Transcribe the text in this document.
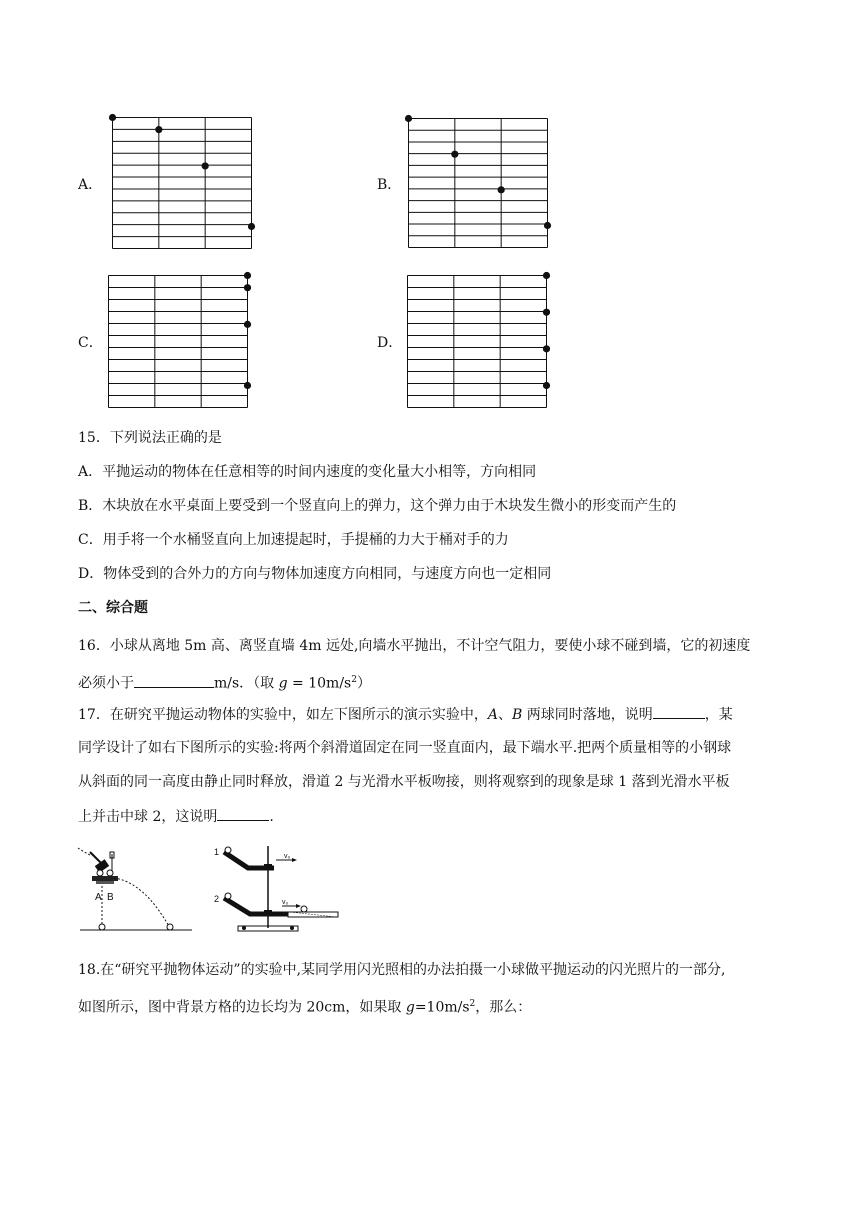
A．	B．
C．	D．
15．下列说法正确的是
A．平抛运动的物体在任意相等的时间内速度的变化量大小相等，方向相同
B．木块放在水平桌面上要受到一个竖直向上的弹力，这个弹力由于木块发生微小的形变而产生的
C．用手将一个水桶竖直向上加速提起时，手提桶的力大于桶对手的力
D．物体受到的合外力的方向与物体加速度方向相同，与速度方向也一定相同
二、综合题
16．小球从离地 5m 高、离竖直墙 4m 远处,向墙水平抛出，不计空气阻力，要使小球不碰到墙，它的初速度
必须小于	m/s．（取 $g = 10m/s^2$）
17．在研究平抛运动物体的实验中，如左下图所示的演示实验中，A、B 两球同时落地，说明	，某
同学设计了如右下图所示的实验:将两个斜滑道固定在同一竖直面内，最下端水平.把两个质量相等的小钢球
从斜面的同一高度由静止同时释放，滑道 2 与光滑水平板吻接，则将观察到的现象是球 1 落到光滑水平板
上并击中球 2，这说明	.
A B
v₀
1
v₀
2
18.在“研究平抛物体运动”的实验中,某同学用闪光照相的办法拍摄一小球做平抛运动的闪光照片的一部分,
如图所示，图中背景方格的边长均为 20cm，如果取 $g=10m/s^2$，那么：
